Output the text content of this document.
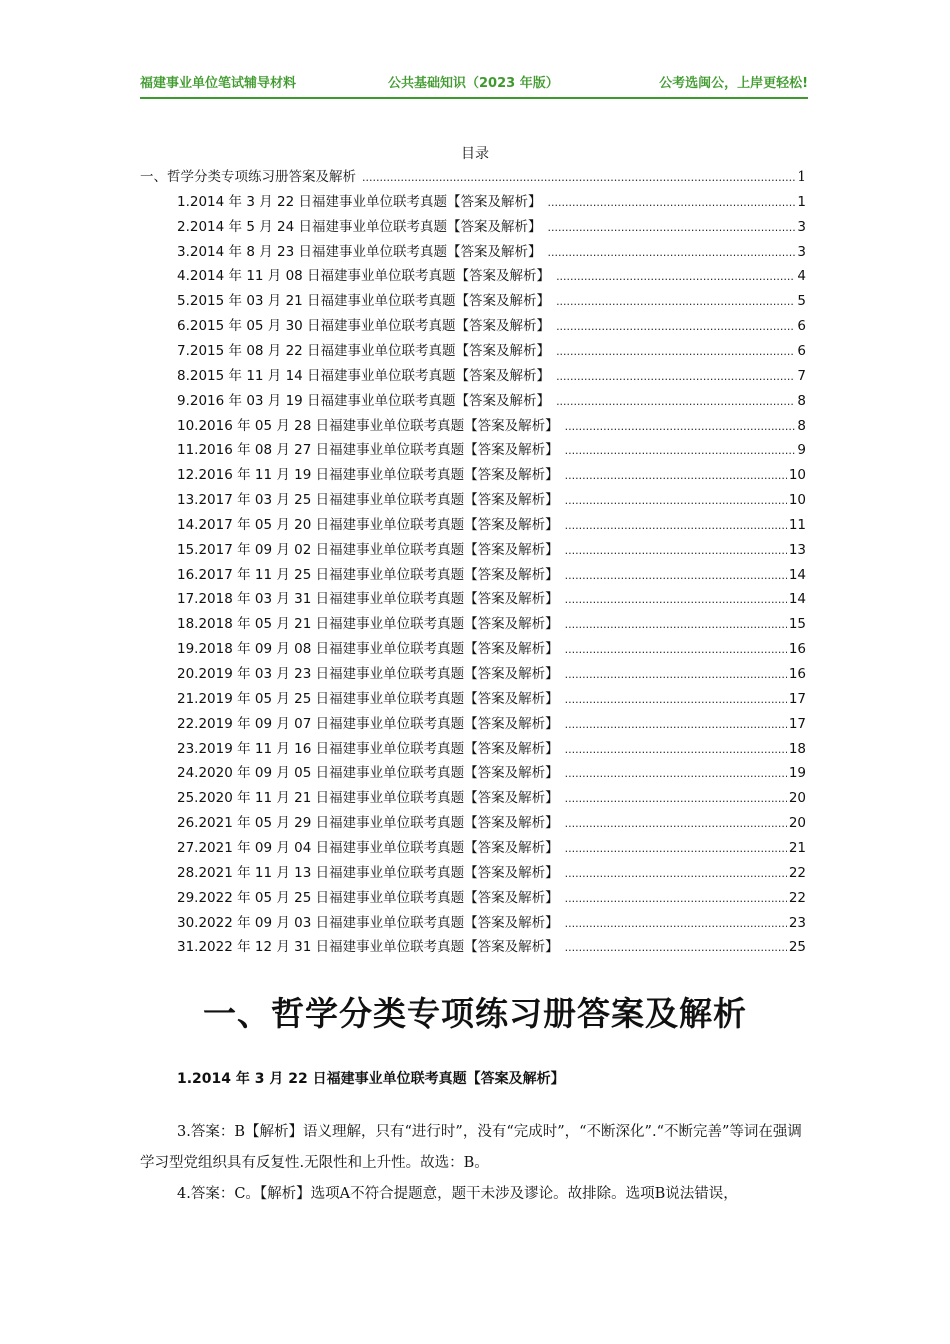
福建事业单位笔试辅导材料	公共基础知识（2023 年版）	公考选闽公，上岸更轻松!
目录
一、哲学分类专项练习册答案及解析 .....	1
1.2014 年 3 月 22 日福建事业单位联考真题【答案及解析】 .....	1
2.2014 年 5 月 24 日福建事业单位联考真题【答案及解析】 .....	3
3.2014 年 8 月 23 日福建事业单位联考真题【答案及解析】 .....	3
4.2014 年 11 月 08 日福建事业单位联考真题【答案及解析】 .....	4
5.2015 年 03 月 21 日福建事业单位联考真题【答案及解析】 .....	5
6.2015 年 05 月 30 日福建事业单位联考真题【答案及解析】 .....	6
7.2015 年 08 月 22 日福建事业单位联考真题【答案及解析】 .....	6
8.2015 年 11 月 14 日福建事业单位联考真题【答案及解析】 .....	7
9.2016 年 03 月 19 日福建事业单位联考真题【答案及解析】 .....	8
10.2016 年 05 月 28 日福建事业单位联考真题【答案及解析】 .....	8
11.2016 年 08 月 27 日福建事业单位联考真题【答案及解析】 .....	9
12.2016 年 11 月 19 日福建事业单位联考真题【答案及解析】 .....	10
13.2017 年 03 月 25 日福建事业单位联考真题【答案及解析】 .....	10
14.2017 年 05 月 20 日福建事业单位联考真题【答案及解析】 .....	11
15.2017 年 09 月 02 日福建事业单位联考真题【答案及解析】 .....	13
16.2017 年 11 月 25 日福建事业单位联考真题【答案及解析】 .....	14
17.2018 年 03 月 31 日福建事业单位联考真题【答案及解析】 .....	14
18.2018 年 05 月 21 日福建事业单位联考真题【答案及解析】 .....	15
19.2018 年 09 月 08 日福建事业单位联考真题【答案及解析】 .....	16
20.2019 年 03 月 23 日福建事业单位联考真题【答案及解析】 .....	16
21.2019 年 05 月 25 日福建事业单位联考真题【答案及解析】 .....	17
22.2019 年 09 月 07 日福建事业单位联考真题【答案及解析】 .....	17
23.2019 年 11 月 16 日福建事业单位联考真题【答案及解析】 .....	18
24.2020 年 09 月 05 日福建事业单位联考真题【答案及解析】 .....	19
25.2020 年 11 月 21 日福建事业单位联考真题【答案及解析】 .....	20
26.2021 年 05 月 29 日福建事业单位联考真题【答案及解析】 .....	20
27.2021 年 09 月 04 日福建事业单位联考真题【答案及解析】 .....	21
28.2021 年 11 月 13 日福建事业单位联考真题【答案及解析】 .....	22
29.2022 年 05 月 25 日福建事业单位联考真题【答案及解析】 .....	22
30.2022 年 09 月 03 日福建事业单位联考真题【答案及解析】 .....	23
31.2022 年 12 月 31 日福建事业单位联考真题【答案及解析】 .....	25
一、哲学分类专项练习册答案及解析
1.2014 年 3 月 22 日福建事业单位联考真题【答案及解析】

3.答案：B【解析】语义理解，只有“进行时”，没有“完成时”，“不断深化”.“不断完善”等词在强调学习型党组织具有反复性.无限性和上升性。故选：B。

4.答案：C。【解析】选项A不符合提题意，题干未涉及谬论。故排除。选项B说法错误，
